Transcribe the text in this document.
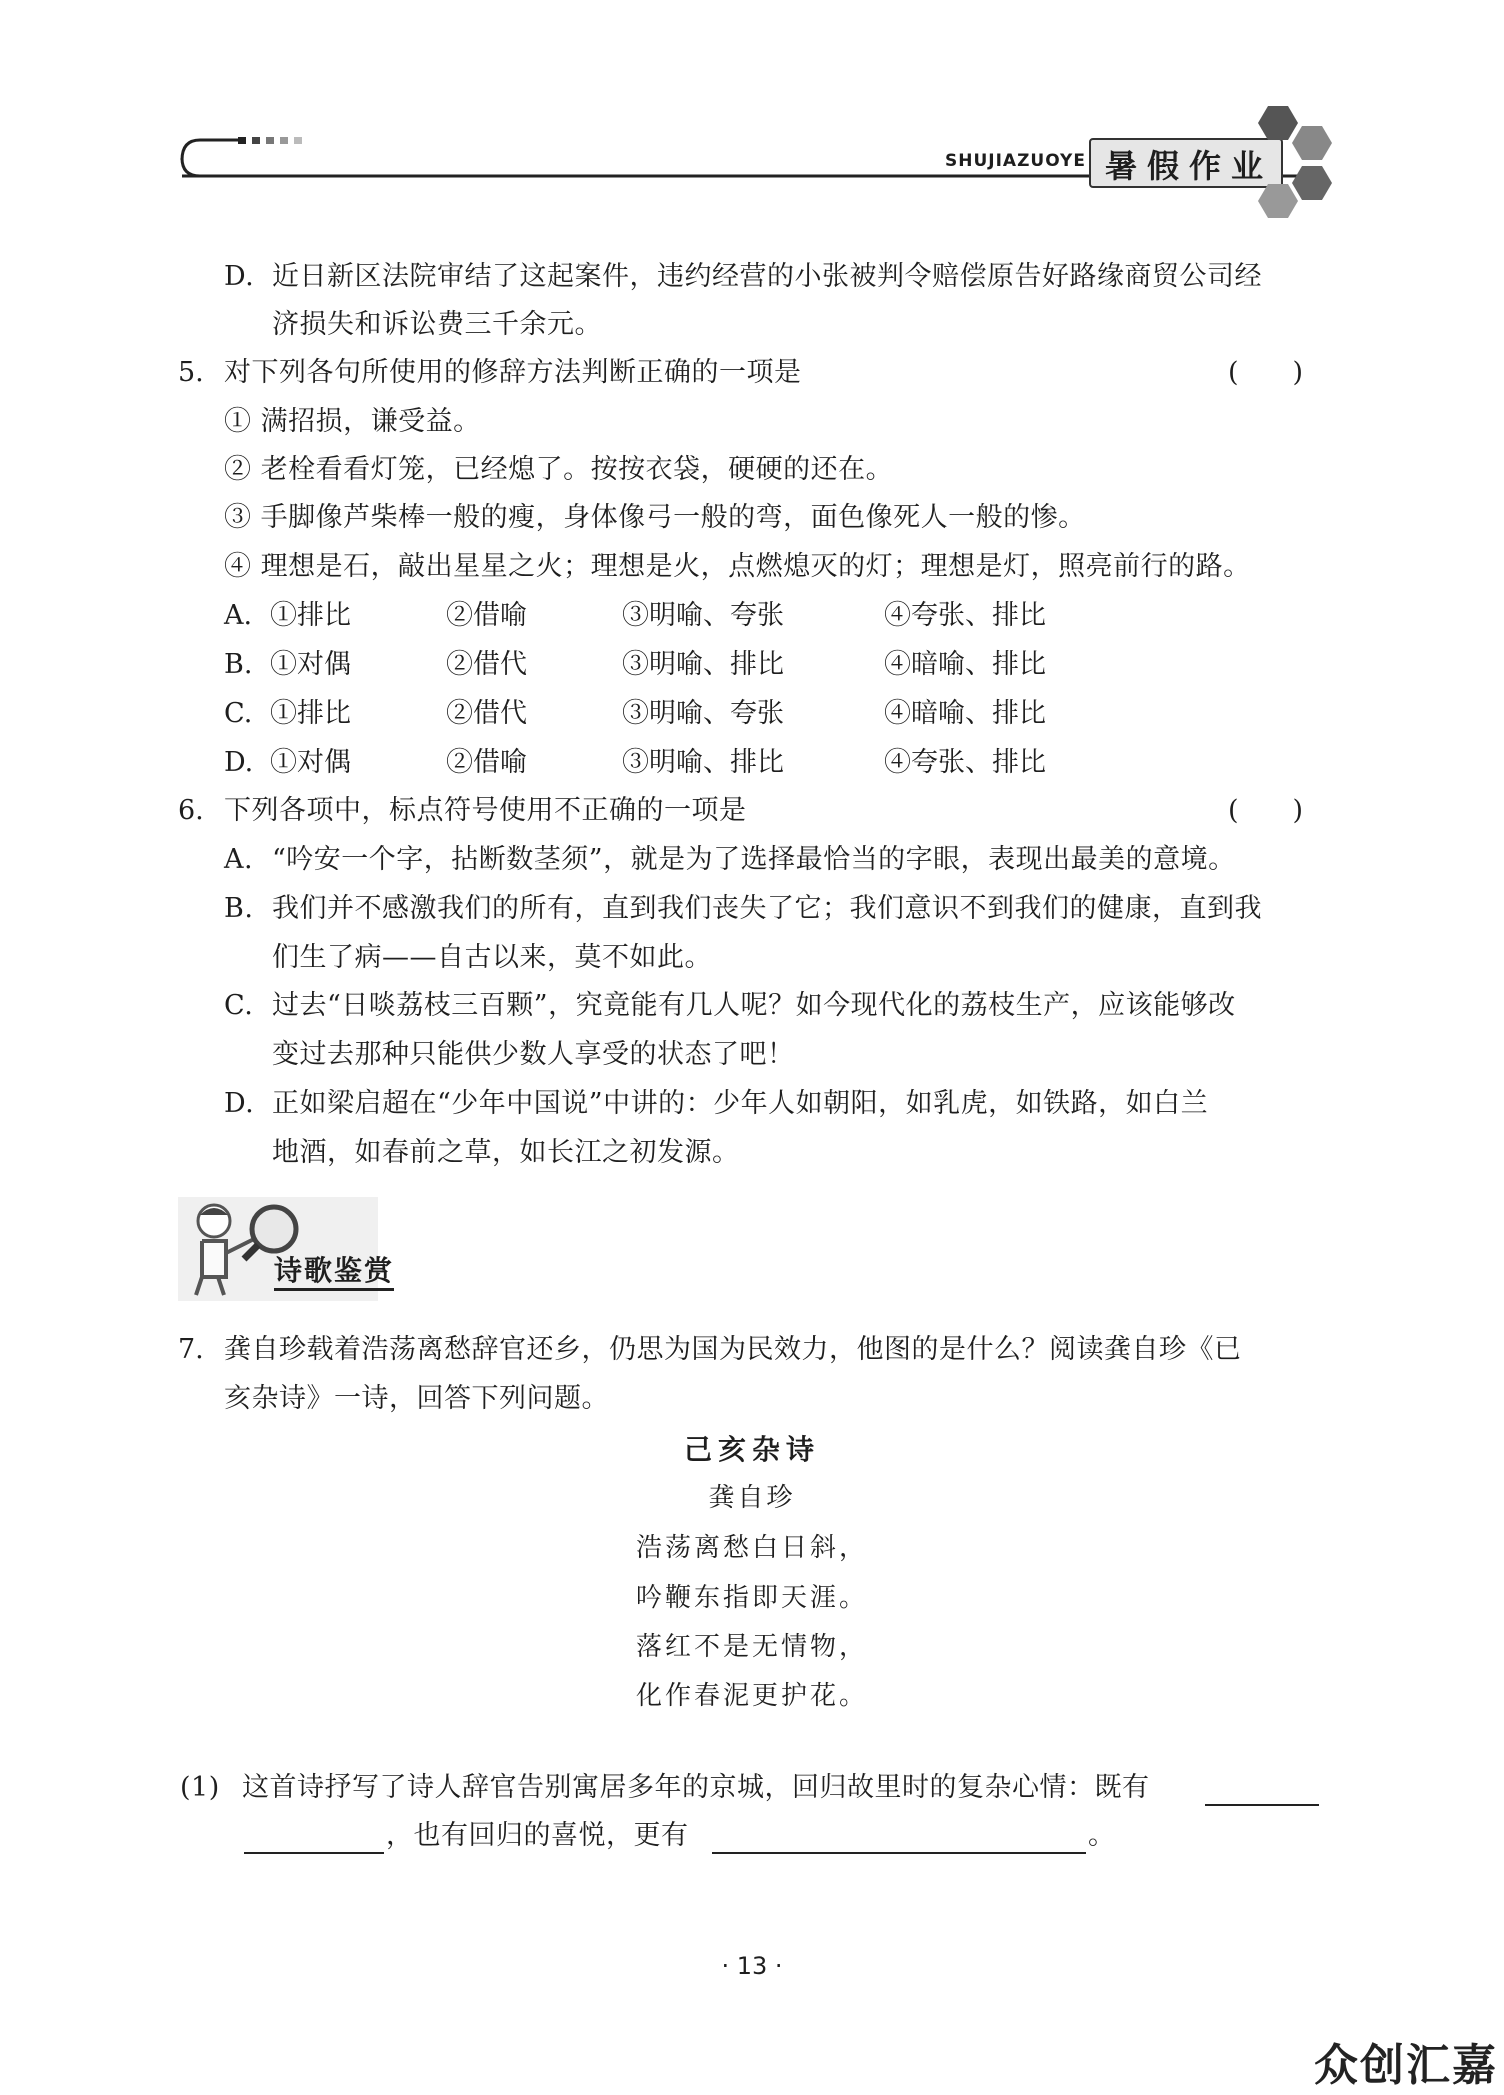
SHUJIAZUOYE 暑假作业
D. 近日新区法院审结了这起案件，违约经营的小张被判令赔偿原告好路缘商贸公司经
济损失和诉讼费三千余元。
5. 对下列各句所使用的修辞方法判断正确的一项是	(　　)
① 满招损，谦受益。
② 老栓看看灯笼，已经熄了。按按衣袋，硬硬的还在。
③ 手脚像芦柴棒一般的瘦，身体像弓一般的弯，面色像死人一般的惨。
④ 理想是石，敲出星星之火；理想是火，点燃熄灭的灯；理想是灯，照亮前行的路。
A. ①排比	②借喻	③明喻、夸张	④夸张、排比
B. ①对偶	②借代	③明喻、排比	④暗喻、排比
C. ①排比	②借代	③明喻、夸张	④暗喻、排比
D. ①对偶	②借喻	③明喻、排比	④夸张、排比
6. 下列各项中，标点符号使用不正确的一项是	(　　)
A. “吟安一个字，拈断数茎须”，就是为了选择最恰当的字眼，表现出最美的意境。
B. 我们并不感激我们的所有，直到我们丧失了它；我们意识不到我们的健康，直到我
们生了病——自古以来，莫不如此。
C. 过去“日啖荔枝三百颗”，究竟能有几人呢？如今现代化的荔枝生产，应该能够改
变过去那种只能供少数人享受的状态了吧！
D. 正如梁启超在“少年中国说”中讲的：少年人如朝阳，如乳虎，如铁路，如白兰
地酒，如春前之草，如长江之初发源。
诗歌鉴赏
7. 龚自珍载着浩荡离愁辞官还乡，仍思为国为民效力，他图的是什么？阅读龚自珍《已
亥杂诗》一诗，回答下列问题。
己亥杂诗
龚自珍
浩荡离愁白日斜，
吟鞭东指即天涯。
落红不是无情物，
化作春泥更护花。
(1) 这首诗抒写了诗人辞官告别寓居多年的京城，回归故里时的复杂心情：既有
，也有回归的喜悦，更有	。
· 13 ·
众创汇嘉
